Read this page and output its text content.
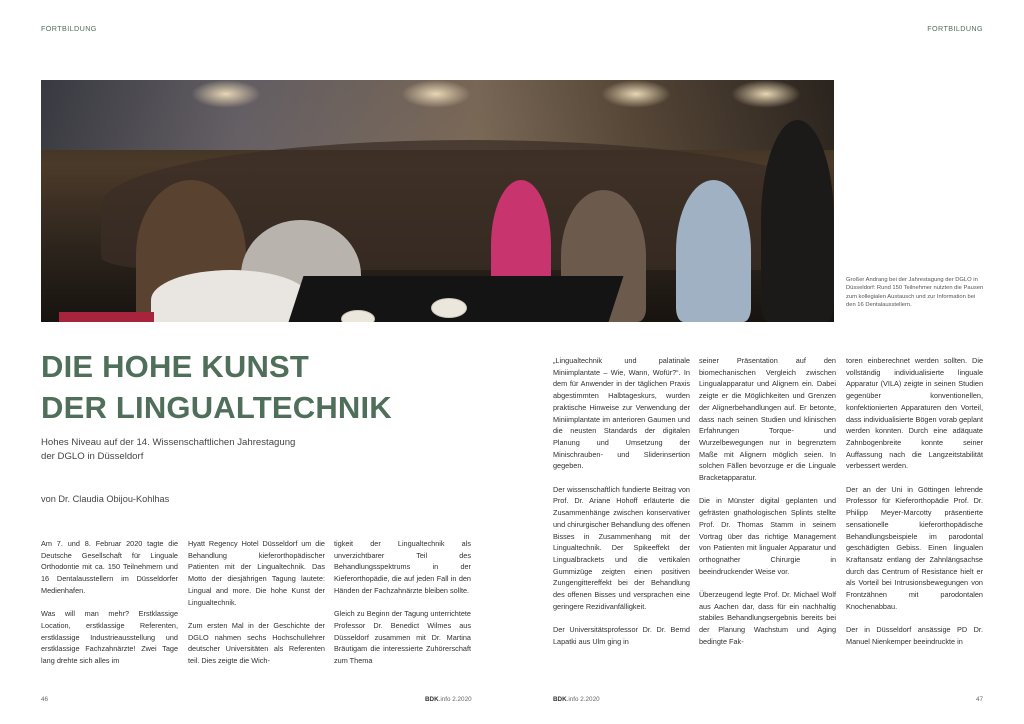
FORTBILDUNG	FORTBILDUNG
Großer Andrang bei der Jahrestagung der DGLO in Düsseldorf: Rund 150 Teilnehmer nutzten die Pausen zum kollegialen Austausch und zur Information bei den 16 Dentalausstellern.
DIE HOHE KUNST
DER LINGUALTECHNIK
Hohes Niveau auf der 14. Wissenschaftlichen Jahrestagung der DGLO in Düsseldorf
von Dr. Claudia Obijou-Kohlhas

Am 7. und 8. Februar 2020 tagte die Deutsche Gesellschaft für Linguale Orthodontie mit ca. 150 Teilnehmern und 16 Dentalausstellern im Düsseldorfer Medienhafen.

Was will man mehr? Erstklassige Location, erstklassige Referenten, erstklassige Industrieausstellung und erstklassige Fachzahnärzte! Zwei Tage lang drehte sich alles im

Hyatt Regency Hotel Düsseldorf um die Behandlung kieferorthopädischer Patienten mit der Lingualtechnik. Das Motto der diesjährigen Tagung lautete: Lingual and more. Die hohe Kunst der Lingualtechnik.

Zum ersten Mal in der Geschichte der DGLO nahmen sechs Hochschullehrer deutscher Universitäten als Referenten teil. Dies zeigte die Wich-

tigkeit der Lingualtechnik als unverzichtbarer Teil des Behandlungsspektrums in der Kieferorthopädie, die auf jeden Fall in den Händen der Fachzahnärzte bleiben sollte.

Gleich zu Beginn der Tagung unterrichtete Professor Dr. Benedict Wilmes aus Düsseldorf zusammen mit Dr. Martina Bräutigam die interessierte Zuhörerschaft zum Thema

„Lingualtechnik und palatinale Miniimplantate – Wie, Wann, Wofür?“. In dem für Anwender in der täglichen Praxis abgestimmten Halbtageskurs, wurden praktische Hinweise zur Verwendung der Miniimplantate im anterioren Gaumen und die neusten Standards der digitalen Planung und Umsetzung der Minischrauben- und Sliderinsertion gegeben.

Der wissenschaftlich fundierte Beitrag von Prof. Dr. Ariane Hohoff erläuterte die Zusammenhänge zwischen konservativer und chirurgischer Behandlung des offenen Bisses in Zusammenhang mit der Lingualtechnik. Der Spikeeffekt der Lingualbrackets und die vertikalen Gummizüge zeigten einen positiven Zungengittereffekt bei der Behandlung des offenen Bisses und versprachen eine geringere Rezidivanfälligkeit.

Der Universitätsprofessor Dr. Dr. Bernd Lapatki aus Ulm ging in

seiner Präsentation auf den biomechanischen Vergleich zwischen Lingualapparatur und Alignern ein. Dabei zeigte er die Möglichkeiten und Grenzen der Alignerbehandlungen auf. Er betonte, dass nach seinen Studien und klinischen Erfahrungen Torque- und Wurzelbewegungen nur in begrenztem Maße mit Alignern möglich seien. In solchen Fällen bevorzuge er die Linguale Bracketapparatur.

Die in Münster digital geplanten und gefrästen gnathologischen Splints stellte Prof. Dr. Thomas Stamm in seinem Vortrag über das richtige Management von Patienten mit lingualer Apparatur und orthognather Chirurgie in beeindruckender Weise vor.

Überzeugend legte Prof. Dr. Michael Wolf aus Aachen dar, dass für ein nachhaltig stabiles Behandlungsergebnis bereits bei der Planung Wachstum und Aging bedingte Fak-

toren einberechnet werden sollten. Die vollständig individualisierte linguale Apparatur (VILA) zeigte in seinen Studien gegenüber konventionellen, konfektionierten Apparaturen den Vorteil, dass individualisierte Bögen vorab geplant werden konnten. Durch eine adäquate Zahnbogenbreite konnte seiner Auffassung nach die Langzeitstabilität verbessert werden.

Der an der Uni in Göttingen lehrende Professor für Kieferorthopädie Prof. Dr. Philipp Meyer-Marcotty präsentierte sensationelle kieferorthopädische Behandlungsbeispiele im parodontal geschädigten Gebiss. Einen lingualen Kraftansatz entlang der Zahnlängsachse durch das Centrum of Resistance hielt er als Vorteil bei Intrusionsbewegungen von Frontzähnen mit parodontalen Knochenabbau.

Der in Düsseldorf ansässige PD Dr. Manuel Nienkemper beeindruckte in

46	BDK.info 2.2020	BDK.info 2.2020	47
